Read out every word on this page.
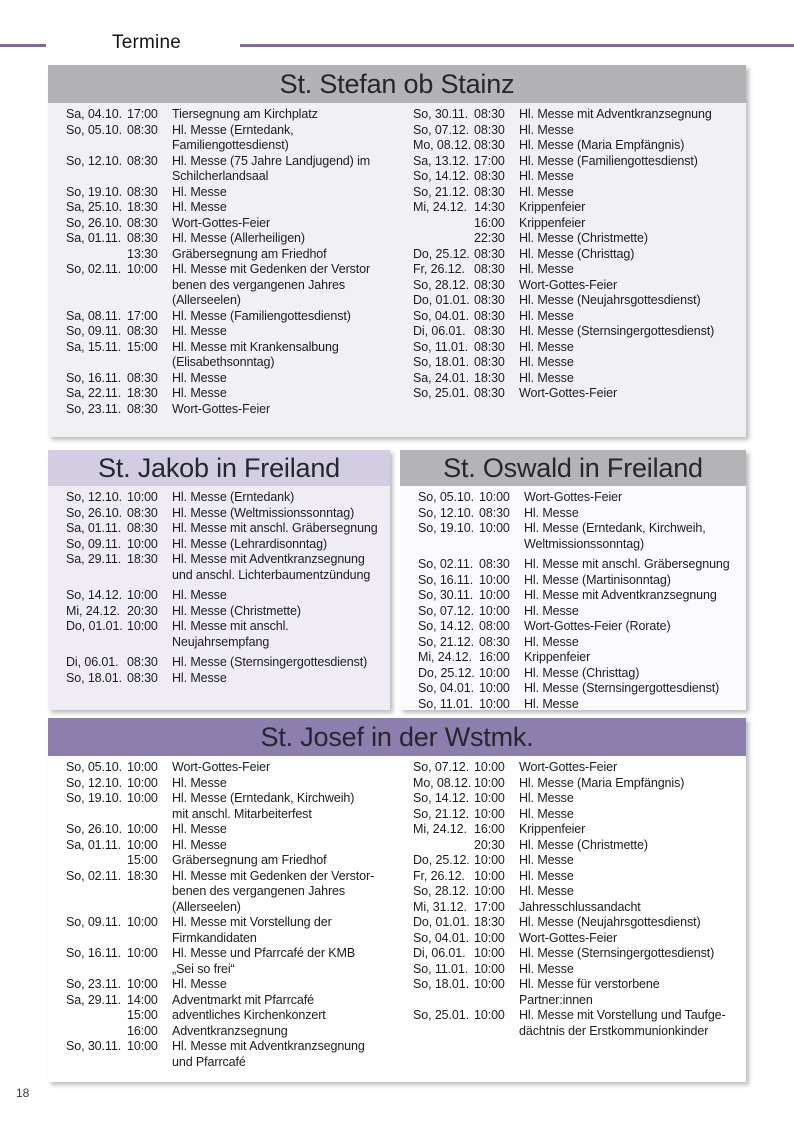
Termine
St. Stefan ob Stainz
Sa, 04.10. 17:00	Tiersegnung am Kirchplatz
So, 05.10. 08:30	Hl. Messe (Erntedank,
Familiengottesdienst)
So, 12.10. 08:30	Hl. Messe (75 Jahre Landjugend) im
Schilcherlandsaal
So, 19.10. 08:30	Hl. Messe
Sa, 25.10. 18:30	Hl. Messe
So, 26.10. 08:30	Wort-Gottes-Feier
Sa, 01.11. 08:30	Hl. Messe (Allerheiligen)
13:30	Gräbersegnung am Friedhof
So, 02.11. 10:00	Hl. Messe mit Gedenken der Verstor
benen des vergangenen Jahres
(Allerseelen)
Sa, 08.11. 17:00	Hl. Messe (Familiengottesdienst)
So, 09.11. 08:30	Hl. Messe
Sa, 15.11. 15:00	Hl. Messe mit Krankensalbung
(Elisabethsonntag)
So, 16.11. 08:30	Hl. Messe
Sa, 22.11. 18:30	Hl. Messe
So, 23.11. 08:30	Wort-Gottes-Feier
So, 30.11. 08:30	Hl. Messe mit Adventkranzsegnung
So, 07.12. 08:30	Hl. Messe
Mo, 08.12. 08:30	Hl. Messe (Maria Empfängnis)
Sa, 13.12. 17:00	Hl. Messe (Familiengottesdienst)
So, 14.12. 08:30	Hl. Messe
So, 21.12. 08:30	Hl. Messe
Mi, 24.12. 14:30	Krippenfeier
16:00	Krippenfeier
22:30	Hl. Messe (Christmette)
Do, 25.12. 08:30	Hl. Messe (Christtag)
Fr, 26.12. 08:30	Hl. Messe
So, 28.12. 08:30	Wort-Gottes-Feier
Do, 01.01. 08:30	Hl. Messe (Neujahrsgottesdienst)
So, 04.01. 08:30	Hl. Messe
Di, 06.01. 08:30	Hl. Messe (Sternsingergottesdienst)
So, 11.01. 08:30	Hl. Messe
So, 18.01. 08:30	Hl. Messe
Sa, 24.01. 18:30	Hl. Messe
So, 25.01. 08:30	Wort-Gottes-Feier
St. Jakob in Freiland
So, 12.10. 10:00	Hl. Messe (Erntedank)
So, 26.10. 08:30	Hl. Messe (Weltmissionssonntag)
Sa, 01.11. 08:30	Hl. Messe mit anschl. Gräbersegnung
So, 09.11. 10:00	Hl. Messe (Lehrardisonntag)
Sa, 29.11. 18:30	Hl. Messe mit Adventkranzsegnung
und anschl. Lichterbaumentzündung
So, 14.12. 10:00	Hl. Messe
Mi, 24.12. 20:30	Hl. Messe (Christmette)
Do, 01.01. 10:00	Hl. Messe mit anschl.
Neujahrsempfang
Di, 06.01. 08:30	Hl. Messe (Sternsingergottesdienst)
So, 18.01. 08:30	Hl. Messe
St. Oswald in Freiland
So, 05.10. 10:00	Wort-Gottes-Feier
So, 12.10. 08:30	Hl. Messe
So, 19.10. 10:00	Hl. Messe (Erntedank, Kirchweih,
Weltmissionssonntag)
So, 02.11. 08:30	Hl. Messe mit anschl. Gräbersegnung
So, 16.11. 10:00	Hl. Messe (Martinisonntag)
So, 30.11. 10:00	Hl. Messe mit Adventkranzsegnung
So, 07.12. 10:00	Hl. Messe
So, 14.12. 08:00	Wort-Gottes-Feier (Rorate)
So, 21.12. 08:30	Hl. Messe
Mi, 24.12. 16:00	Krippenfeier
Do, 25.12. 10:00	Hl. Messe (Christtag)
So, 04.01. 10:00	Hl. Messe (Sternsingergottesdienst)
So, 11.01. 10:00	Hl. Messe
St. Josef in der Wstmk.
So, 05.10. 10:00	Wort-Gottes-Feier
So, 12.10. 10:00	Hl. Messe
So, 19.10. 10:00	Hl. Messe (Erntedank, Kirchweih)
mit anschl. Mitarbeiterfest
So, 26.10. 10:00	Hl. Messe
Sa, 01.11. 10:00	Hl. Messe
15:00	Gräbersegnung am Friedhof
So, 02.11. 18:30	Hl. Messe mit Gedenken der Verstor-
benen des vergangenen Jahres
(Allerseelen)
So, 09.11. 10:00	Hl. Messe mit Vorstellung der
Firmkandidaten
So, 16.11. 10:00	Hl. Messe und Pfarrcafé der KMB
„Sei so frei“
So, 23.11. 10:00	Hl. Messe
Sa, 29.11. 14:00	Adventmarkt mit Pfarrcafé
15:00	adventliches Kirchenkonzert
16:00	Adventkranzsegnung
So, 30.11. 10:00	Hl. Messe mit Adventkranzsegnung
und Pfarrcafé
So, 07.12. 10:00	Wort-Gottes-Feier
Mo, 08.12. 10:00	Hl. Messe (Maria Empfängnis)
So, 14.12. 10:00	Hl. Messe
So, 21.12. 10:00	Hl. Messe
Mi, 24.12. 16:00	Krippenfeier
20:30	Hl. Messe (Christmette)
Do, 25.12. 10:00	Hl. Messe
Fr, 26.12. 10:00	Hl. Messe
So, 28.12. 10:00	Hl. Messe
Mi, 31.12. 17:00	Jahresschlussandacht
Do, 01.01. 18:30	Hl. Messe (Neujahrsgottesdienst)
So, 04.01. 10:00	Wort-Gottes-Feier
Di, 06.01. 10:00	Hl. Messe (Sternsingergottesdienst)
So, 11.01. 10:00	Hl. Messe
So, 18.01. 10:00	Hl. Messe für verstorbene
Partner:innen
So, 25.01. 10:00	Hl. Messe mit Vorstellung und Taufge-
dächtnis der Erstkommunionkinder
18
